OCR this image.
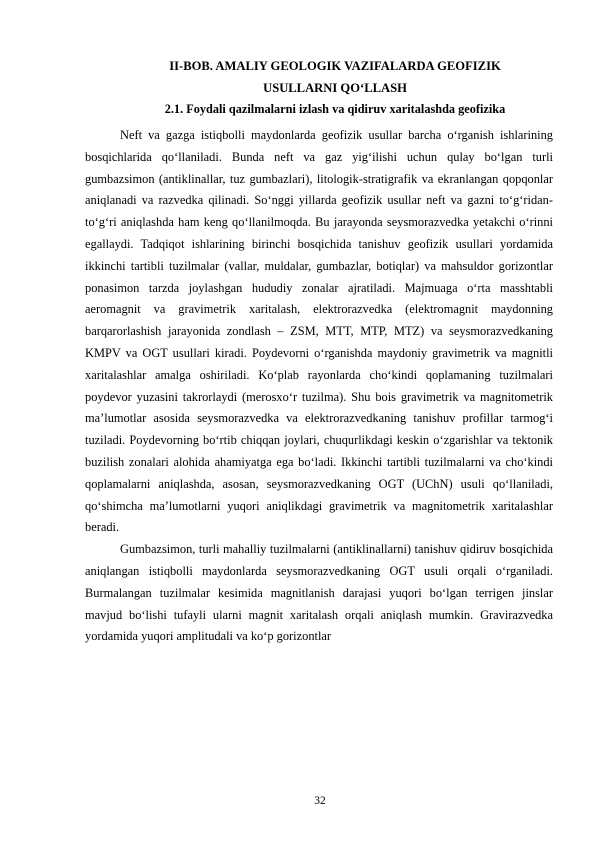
II-BOB. AMALIY GEOLOGIK VAZIFALARDA GEOFIZIK
USULLARNI QO‘LLASH
2.1. Foydali qazilmalarni izlash va qidiruv xaritalashda geofizika

Neft va gazga istiqbolli maydonlarda geofizik usullar barcha o‘rganish ishlarining bosqichlarida qo‘llaniladi. Bunda neft va gaz yig‘ilishi uchun qulay bo‘lgan turli gumbazsimon (antiklinallar, tuz gumbazlari), litologik-stratigrafik va ekranlangan qopqonlar aniqlanadi va razvedka qilinadi. So‘nggi yillarda geofizik usullar neft va gazni to‘g‘ridan-to‘g‘ri aniqlashda ham keng qo‘llanilmoqda. Bu jarayonda seysmorazvedka yetakchi o‘rinni egallaydi. Tadqiqot ishlarining birinchi bosqichida tanishuv geofizik usullari yordamida ikkinchi tartibli tuzilmalar (vallar, muldalar, gumbazlar, botiqlar) va mahsuldor gorizontlar ponasimon tarzda joylashgan hududiy zonalar ajratiladi. Majmuaga o‘rta masshtabli aeromagnit va gravimetrik xaritalash, elektrorazvedka (elektromagnit maydonning barqarorlashish jarayonida zondlash – ZSM, MTT, MTP, MTZ) va seysmorazvedkaning KMPV va OGT usullari kiradi. Poydevorni o‘rganishda maydoniy gravimetrik va magnitli xaritalashlar amalga oshiriladi. Ko‘plab rayonlarda cho‘kindi qoplamaning tuzilmalari poydevor yuzasini takrorlaydi (merosxo‘r tuzilma). Shu bois gravimetrik va magnitometrik ma’lumotlar asosida seysmorazvedka va elektrorazvedkaning tanishuv profillar tarmog‘i tuziladi. Poydevorning bo‘rtib chiqqan joylari, chuqurlikdagi keskin o‘zgarishlar va tektonik buzilish zonalari alohida ahamiyatga ega bo‘ladi. Ikkinchi tartibli tuzilmalarni va cho‘kindi qoplamalarni aniqlashda, asosan, seysmorazvedkaning OGT (UChN) usuli qo‘llaniladi, qo‘shimcha ma’lumotlarni yuqori aniqlikdagi gravimetrik va magnitometrik xaritalashlar beradi.

Gumbazsimon, turli mahalliy tuzilmalarni (antiklinallarni) tanishuv qidiruv bosqichida aniqlangan istiqbolli maydonlarda seysmorazvedkaning OGT usuli orqali o‘rganiladi. Burmalangan tuzilmalar kesimida magnitlanish darajasi yuqori bo‘lgan terrigen jinslar mavjud bo‘lishi tufayli ularni magnit xaritalash orqali aniqlash mumkin. Gravirazvedka yordamida yuqori amplitudali va ko‘p gorizontlar

32
